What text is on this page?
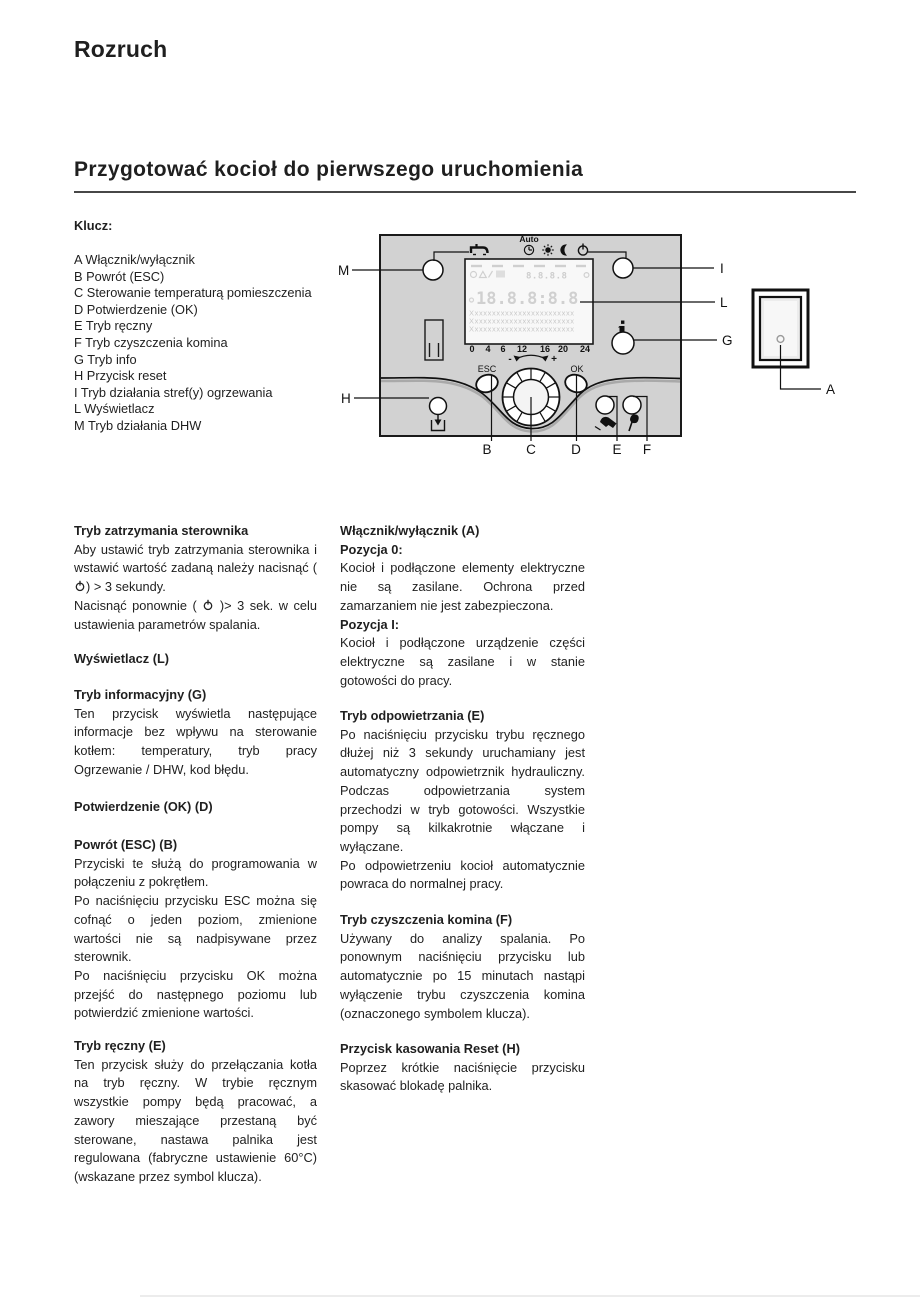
Rozruch
Przygotować kocioł do pierwszego uruchomienia
Klucz:
A Włącznik/wyłącznik
B Powrót (ESC)
C Sterowanie temperaturą pomieszczenia
D Potwierdzenie (OK)
E Tryb ręczny
F Tryb czyszczenia komina
G Tryb info
H Przycisk reset
I Tryb działania stref(y) ogrzewania
L Wyświetlacz
M Tryb działania DHW
Auto
8.8.8.8
18.8.8:8.8
Xxxxxxxxxxxxxxxxxxxxxxxx
Xxxxxxxxxxxxxxxxxxxxxxxx
Xxxxxxxxxxxxxxxxxxxxxxxx
0 4 6 12 16 20 24
-	+
ESC	OK
M	I
L
G
H
A
B	C	D E F
Tryb zatrzymania sterownika

Aby ustawić tryb zatrzymania sterownika i wstawić wartość zadaną należy nacisnąć () > 3 sekundy.

Nacisnąć ponownie (  )> 3 sek. w celu ustawienia parametrów spalania.

Wyświetlacz (L)
Tryb informacyjny (G)

Ten przycisk wyświetla następujące informacje bez wpływu na sterowanie kotłem: temperatury, tryb pracy Ogrzewanie / DHW, kod błędu.

Potwierdzenie (OK) (D)
Powrót (ESC) (B)

Przyciski te służą do programowania w połączeniu z pokrętłem.

Po naciśnięciu przycisku ESC można się cofnąć o jeden poziom, zmienione wartości nie są nadpisywane przez sterownik.

Po naciśnięciu przycisku OK można przejść do następnego poziomu lub potwierdzić zmienione wartości.

Tryb ręczny (E)

Ten przycisk służy do przełączania kotła na tryb ręczny. W trybie ręcznym wszystkie pompy będą pracować, a zawory mieszające przestaną być sterowane, nastawa palnika jest regulowana (fabryczne ustawienie 60°C) (wskazane przez symbol klucza).

Włącznik/wyłącznik (A)

Pozycja 0:

Kocioł i podłączone elementy elektryczne nie są zasilane. Ochrona przed zamarzaniem nie jest zabezpieczona.

Pozycja I:

Kocioł i podłączone urządzenie części elektryczne są zasilane i w stanie gotowości do pracy.

Tryb odpowietrzania (E)

Po naciśnięciu przycisku trybu ręcznego dłużej niż 3 sekundy uruchamiany jest automatyczny odpowietrznik hydrauliczny. Podczas odpowietrzania system przechodzi w tryb gotowości. Wszystkie pompy są kilkakrotnie włączane i wyłączane.

Po odpowietrzeniu kocioł automatycznie powraca do normalnej pracy.

Tryb czyszczenia komina (F)

Używany do analizy spalania. Po ponownym naciśnięciu przycisku lub automatycznie po 15 minutach nastąpi wyłączenie trybu czyszczenia komina (oznaczonego symbolem klucza).

Przycisk kasowania Reset (H)

Poprzez krótkie naciśnięcie przycisku skasować blokadę palnika.
